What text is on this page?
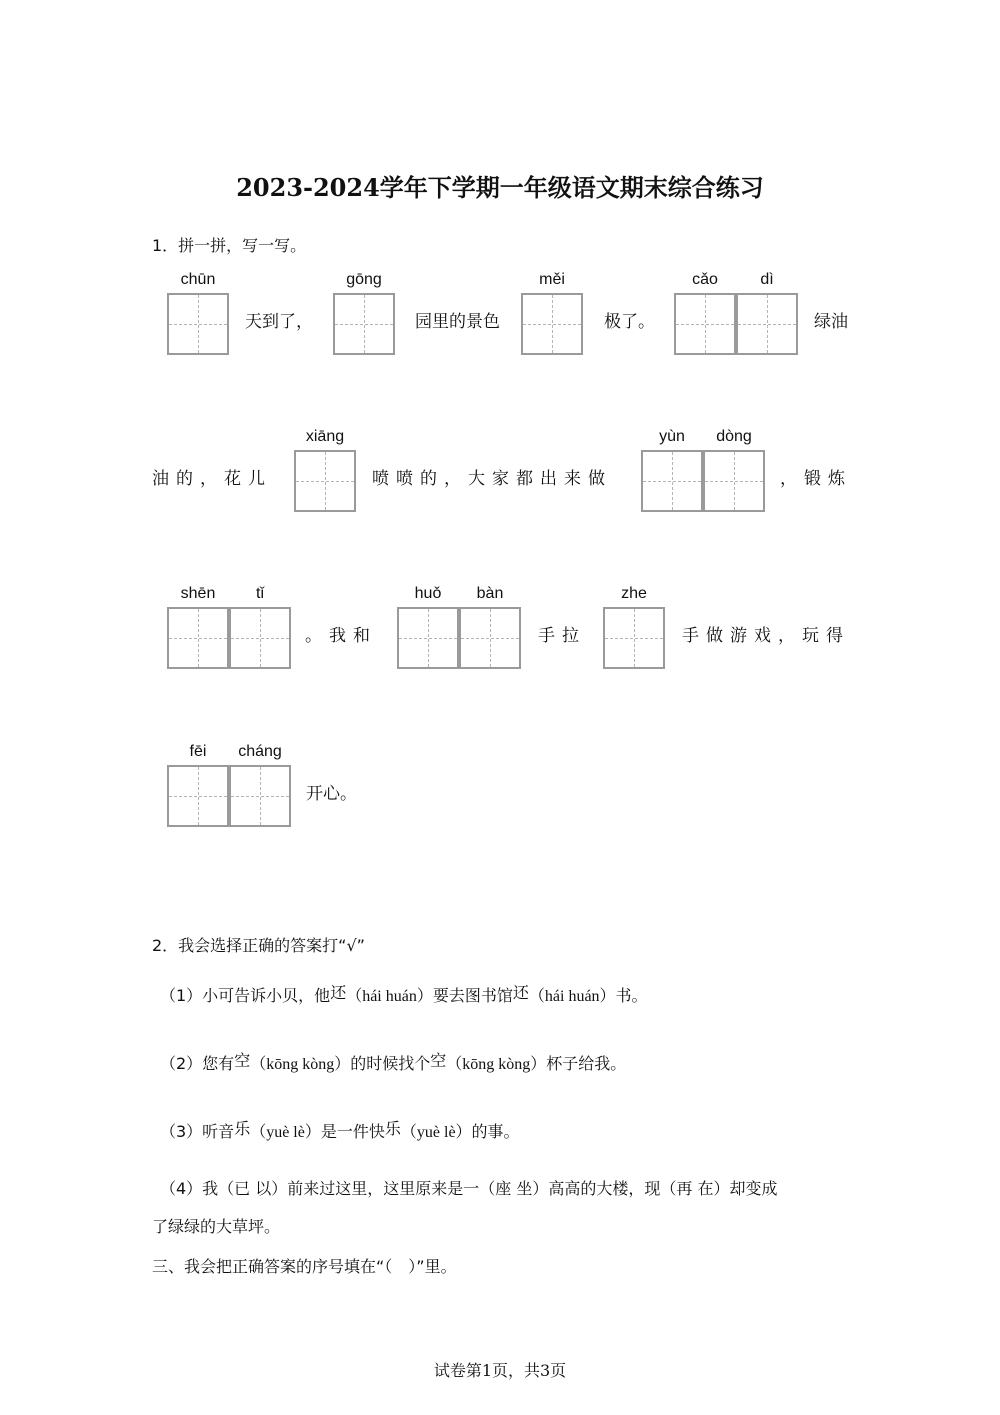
2023-2024学年下学期一年级语文期末综合练习
1．拼一拼，写一写。
chūn
天到了，
gōng
园里的景色
měi
极了。
cǎo	dì
绿油
油的，花儿
xiāng
喷喷的，大家都出来做
yùn	dòng
，锻炼
shēn	tǐ
。我和
huǒ	bàn
手拉
zhe
手做游戏，玩得
fēi	cháng
开心。
2．我会选择正确的答案打“√”
（1）小可告诉小贝，他还（hái huán）要去图书馆还（hái huán）书。
（2）您有空（kōng kòng）的时候找个空（kōng kòng）杯子给我。
（3）听音乐（yuè lè）是一件快乐（yuè lè）的事。
（4）我（已 以）前来过这里，这里原来是一（座 坐）高高的大楼，现（再 在）却变成
了绿绿的大草坪。
三、我会把正确答案的序号填在“（　）”里。
试卷第1页，共3页
